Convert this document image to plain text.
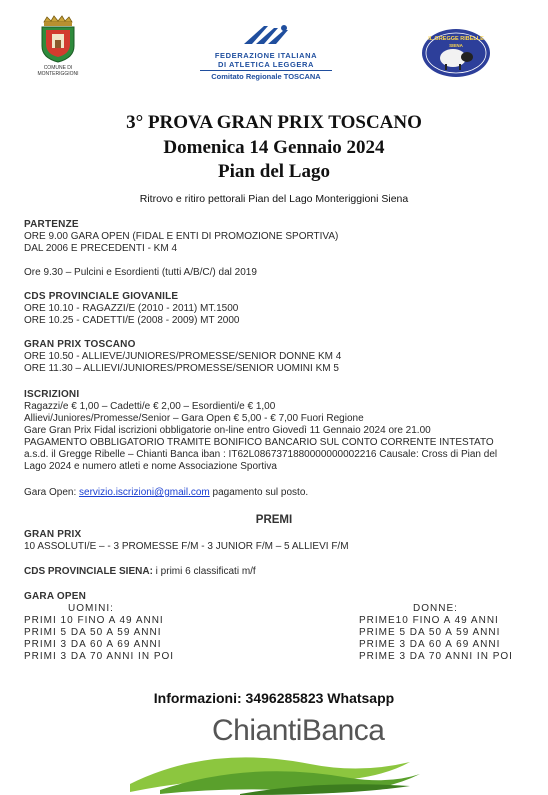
COMUNE DI
MONTERIGGIONI
FEDERAZIONE ITALIANA
DI ATLETICA LEGGERA
Comitato Regionale TOSCANA
IL GREGGE RIBELLE
SIENA
3° PROVA GRAN PRIX TOSCANO
Domenica 14 Gennaio 2024
Pian del Lago
Ritrovo e ritiro pettorali Pian del Lago Monteriggioni Siena
PARTENZE
ORE 9.00 GARA OPEN (FIDAL E ENTI DI PROMOZIONE SPORTIVA)
DAL 2006 E PRECEDENTI - KM 4
Ore 9.30 – Pulcini e Esordienti (tutti A/B/C/) dal 2019
CDS PROVINCIALE GIOVANILE
ORE 10.10 - RAGAZZI/E (2010 - 2011) MT.1500
ORE 10.25 - CADETTI/E (2008 - 2009) MT 2000
GRAN PRIX TOSCANO
ORE 10.50 - ALLIEVE/JUNIORES/PROMESSE/SENIOR DONNE KM 4
ORE 11.30 – ALLIEVI/JUNIORES/PROMESSE/SENIOR UOMINI KM 5
ISCRIZIONI
Ragazzi/e € 1,00 – Cadetti/e € 2,00 – Esordienti/e € 1,00
Allievi/Juniores/Promesse/Senior – Gara Open € 5,00 - € 7,00 Fuori Regione
Gare Gran Prix Fidal iscrizioni obbligatorie on-line entro Giovedì 11 Gennaio 2024 ore 21.00
PAGAMENTO OBBLIGATORIO TRAMITE BONIFICO BANCARIO SUL CONTO CORRENTE INTESTATO
a.s.d. il Gregge Ribelle – Chianti Banca iban : IT62L0867371880000000002216 Causale: Cross di Pian del
Lago 2024 e numero atleti e nome Associazione Sportiva
Gara Open: servizio.iscrizioni@gmail.com pagamento sul posto.
PREMI
GRAN PRIX
10 ASSOLUTI/E – - 3 PROMESSE F/M - 3 JUNIOR F/M – 5 ALLIEVI F/M
CDS PROVINCIALE SIENA: i primi 6 classificati m/f
GARA OPEN
UOMINI:	DONNE:
PRIMI 10 FINO A 49 ANNI
PRIMI 5 DA 50 A 59 ANNI
PRIMI 3 DA 60 A 69 ANNI
PRIMI 3 DA 70 ANNI IN POI
PRIME10 FINO A 49 ANNI
PRIME 5 DA 50 A 59 ANNI
PRIME 3 DA 60 A 69 ANNI
PRIME 3 DA 70 ANNI IN POI
Informazioni: 3496285823 Whatsapp
ChiantiBanca
